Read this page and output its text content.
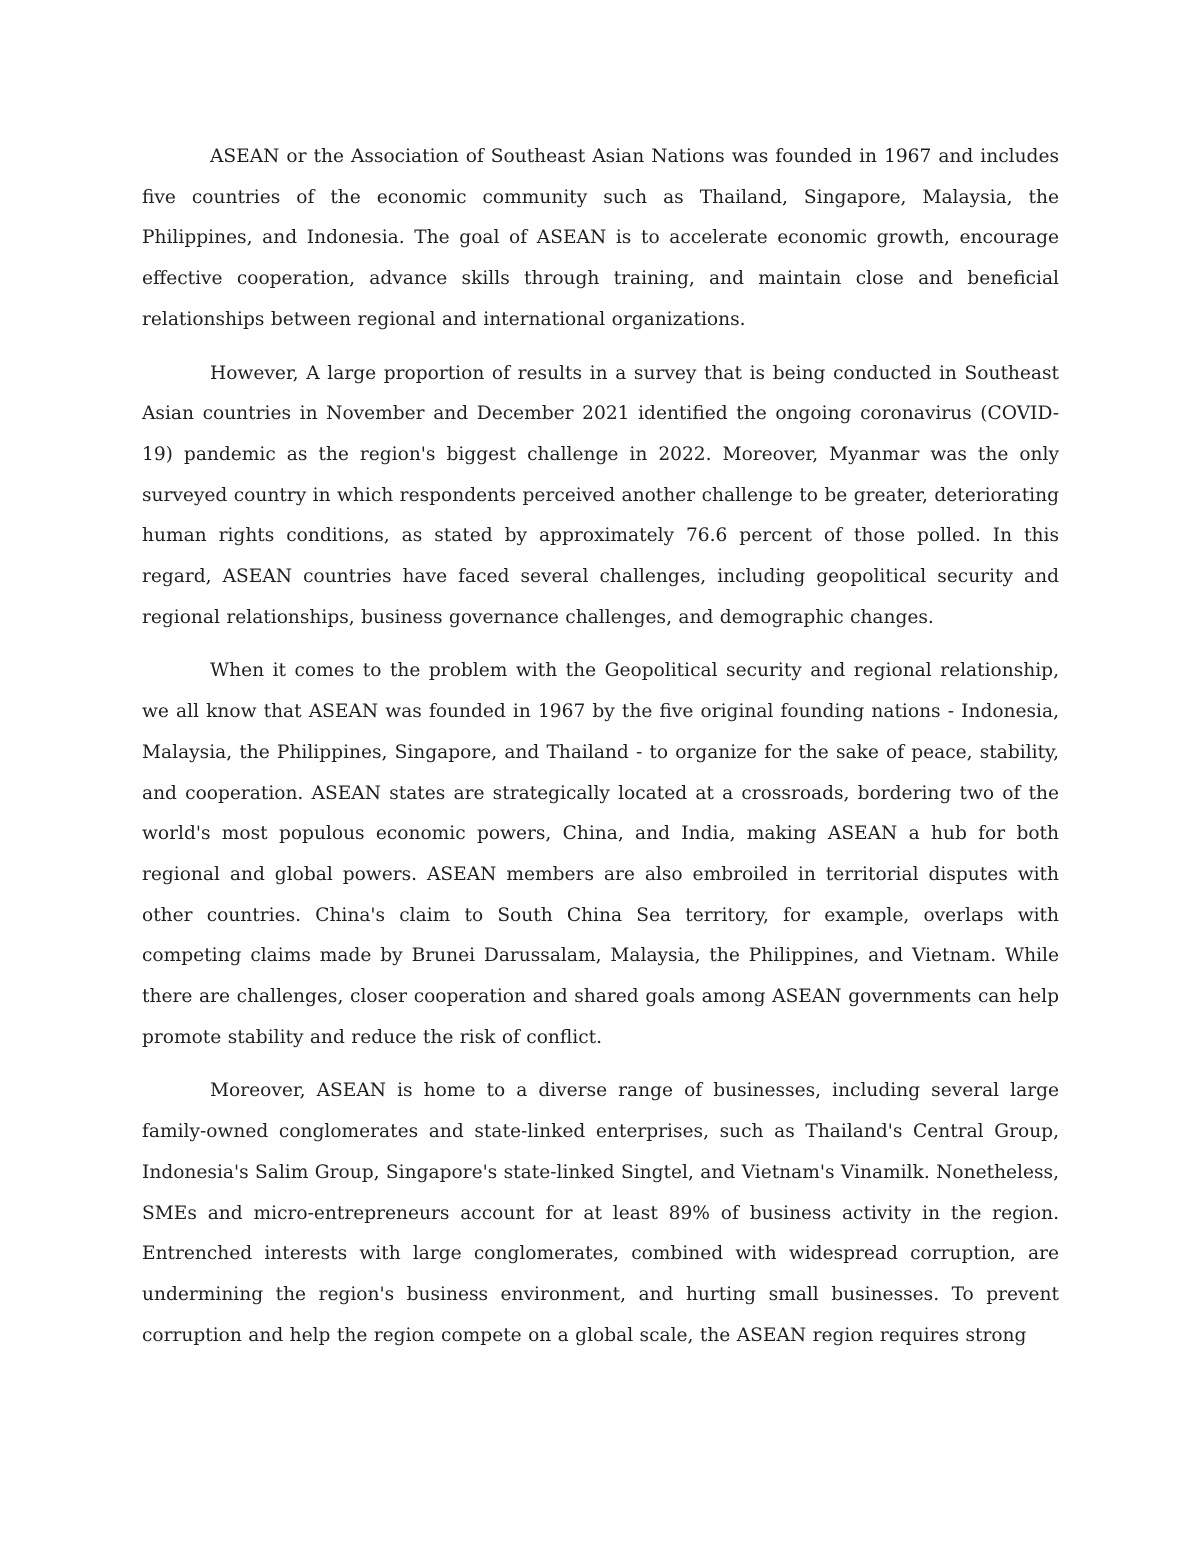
ASEAN or the Association of Southeast Asian Nations was founded in 1967 and includes five countries of the economic community such as Thailand, Singapore, Malaysia, the Philippines, and Indonesia. The goal of ASEAN is to accelerate economic growth, encourage effective cooperation, advance skills through training, and maintain close and beneficial relationships between regional and international organizations.

However, A large proportion of results in a survey that is being conducted in Southeast Asian countries in November and December 2021 identified the ongoing coronavirus (COVID-19) pandemic as the region's biggest challenge in 2022. Moreover, Myanmar was the only surveyed country in which respondents perceived another challenge to be greater, deteriorating human rights conditions, as stated by approximately 76.6 percent of those polled. In this regard, ASEAN countries have faced several challenges, including geopolitical security and regional relationships, business governance challenges, and demographic changes.

When it comes to the problem with the Geopolitical security and regional relationship, we all know that ASEAN was founded in 1967 by the five original founding nations - Indonesia, Malaysia, the Philippines, Singapore, and Thailand - to organize for the sake of peace, stability, and cooperation. ASEAN states are strategically located at a crossroads, bordering two of the world's most populous economic powers, China, and India, making ASEAN a hub for both regional and global powers. ASEAN members are also embroiled in territorial disputes with other countries. China's claim to South China Sea territory, for example, overlaps with competing claims made by Brunei Darussalam, Malaysia, the Philippines, and Vietnam. While there are challenges, closer cooperation and shared goals among ASEAN governments can help promote stability and reduce the risk of conflict.

Moreover, ASEAN is home to a diverse range of businesses, including several large family-owned conglomerates and state-linked enterprises, such as Thailand's Central Group, Indonesia's Salim Group, Singapore's state-linked Singtel, and Vietnam's Vinamilk. Nonetheless, SMEs and micro-entrepreneurs account for at least 89% of business activity in the region. Entrenched interests with large conglomerates, combined with widespread corruption, are undermining the region's business environment, and hurting small businesses. To prevent corruption and help the region compete on a global scale, the ASEAN region requires strong
